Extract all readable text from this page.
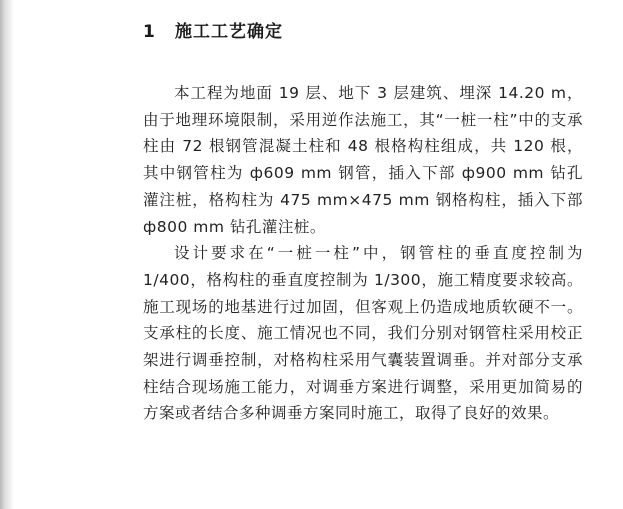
1 施工工艺确定

本工程为地面 19 层、地下 3 层建筑、埋深 14.20 m，由于地理环境限制，采用逆作法施工，其“一桩一柱”中的支承柱由 72 根钢管混凝土柱和 48 根格构柱组成，共 120 根，其中钢管柱为 ф609 mm 钢管，插入下部 ф900 mm 钻孔灌注桩，格构柱为 475 mm×475 mm 钢格构柱，插入下部 ф800 mm 钻孔灌注桩。

设计要求在“一桩一柱”中，钢管柱的垂直度控制为 1/400，格构柱的垂直度控制为 1/300，施工精度要求较高。施工现场的地基进行过加固，但客观上仍造成地质软硬不一。支承柱的长度、施工情况也不同，我们分别对钢管柱采用校正架进行调垂控制，对格构柱采用气囊装置调垂。并对部分支承柱结合现场施工能力，对调垂方案进行调整，采用更加简易的方案或者结合多种调垂方案同时施工，取得了良好的效果。
